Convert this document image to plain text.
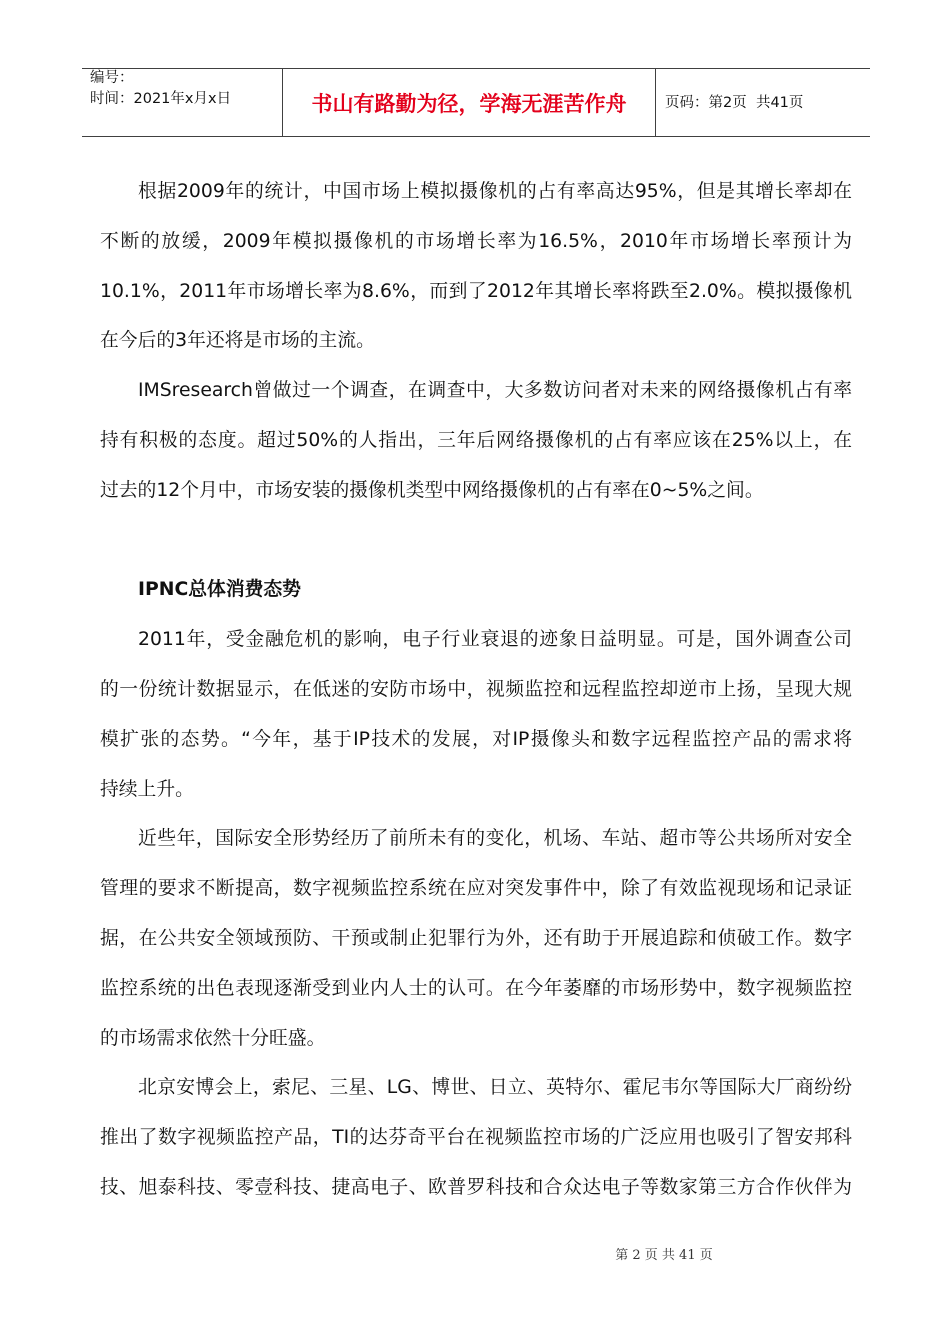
编号：
时间：2021年x月x日	书山有路勤为径，学海无涯苦作舟	页码：第2页  共41页
根据2009年的统计，中国市场上模拟摄像机的占有率高达95%，但是其增长率却在
不断的放缓，2009年模拟摄像机的市场增长率为16.5%，2010年市场增长率预计为
10.1%，2011年市场增长率为8.6%，而到了2012年其增长率将跌至2.0%。模拟摄像机
在今后的3年还将是市场的主流。
IMSresearch曾做过一个调查，在调查中，大多数访问者对未来的网络摄像机占有率
持有积极的态度。超过50%的人指出，三年后网络摄像机的占有率应该在25%以上，在
过去的12个月中，市场安装的摄像机类型中网络摄像机的占有率在0~5%之间。
IPNC总体消费态势
2011年，受金融危机的影响，电子行业衰退的迹象日益明显。可是，国外调查公司
的一份统计数据显示，在低迷的安防市场中，视频监控和远程监控却逆市上扬，呈现大规
模扩张的态势。“今年，基于IP技术的发展，对IP摄像头和数字远程监控产品的需求将
持续上升。
近些年，国际安全形势经历了前所未有的变化，机场、车站、超市等公共场所对安全
管理的要求不断提高，数字视频监控系统在应对突发事件中，除了有效监视现场和记录证
据，在公共安全领域预防、干预或制止犯罪行为外，还有助于开展追踪和侦破工作。数字
监控系统的出色表现逐渐受到业内人士的认可。在今年萎靡的市场形势中，数字视频监控
的市场需求依然十分旺盛。
北京安博会上，索尼、三星、LG、博世、日立、英特尔、霍尼韦尔等国际大厂商纷纷
推出了数字视频监控产品，TI的达芬奇平台在视频监控市场的广泛应用也吸引了智安邦科
技、旭泰科技、零壹科技、捷高电子、欧普罗科技和合众达电子等数家第三方合作伙伴为
第 2 页 共 41 页
